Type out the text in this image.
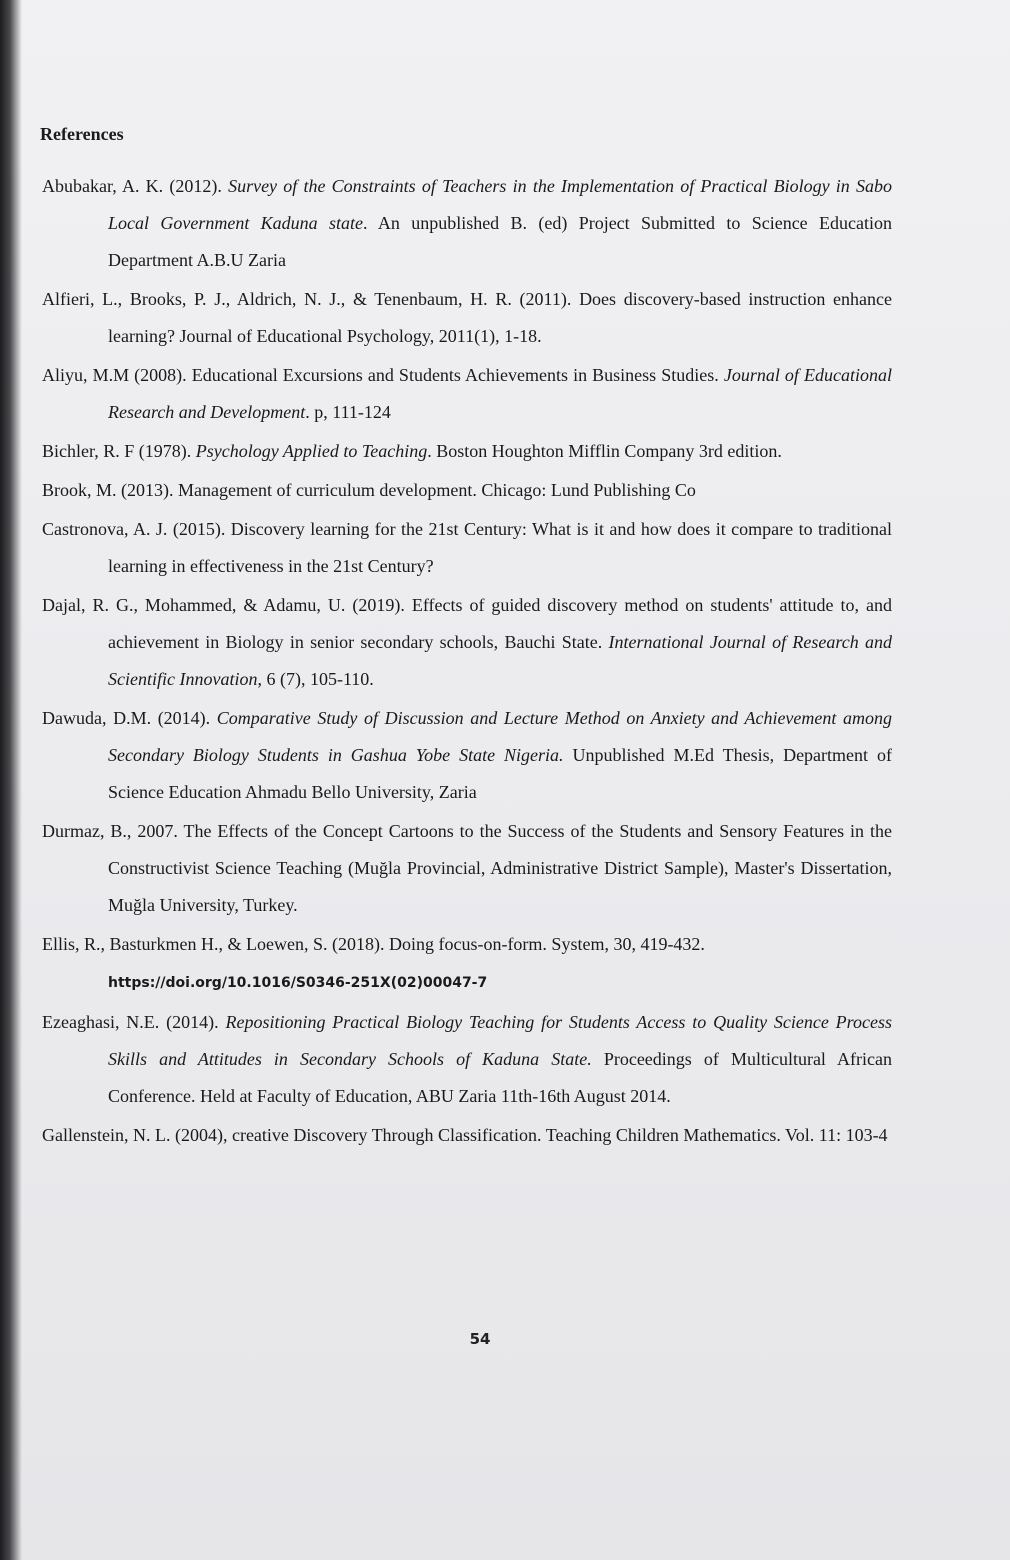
References
Abubakar, A. K. (2012). Survey of the Constraints of Teachers in the Implementation of Practical Biology in Sabo Local Government Kaduna state. An unpublished B. (ed) Project Submitted to Science Education Department A.B.U Zaria
Alfieri, L., Brooks, P. J., Aldrich, N. J., & Tenenbaum, H. R. (2011). Does discovery-based instruction enhance learning? Journal of Educational Psychology, 2011(1), 1-18.
Aliyu, M.M (2008). Educational Excursions and Students Achievements in Business Studies. Journal of Educational Research and Development. p, 111-124
Bichler, R. F (1978). Psychology Applied to Teaching. Boston Houghton Mifflin Company 3rd edition.
Brook, M. (2013). Management of curriculum development. Chicago: Lund Publishing Co
Castronova, A. J. (2015). Discovery learning for the 21st Century: What is it and how does it compare to traditional learning in effectiveness in the 21st Century?
Dajal, R. G., Mohammed, & Adamu, U. (2019). Effects of guided discovery method on students' attitude to, and achievement in Biology in senior secondary schools, Bauchi State. International Journal of Research and Scientific Innovation, 6 (7), 105-110.
Dawuda, D.M. (2014). Comparative Study of Discussion and Lecture Method on Anxiety and Achievement among Secondary Biology Students in Gashua Yobe State Nigeria. Unpublished M.Ed Thesis, Department of Science Education Ahmadu Bello University, Zaria
Durmaz, B., 2007. The Effects of the Concept Cartoons to the Success of the Students and Sensory Features in the Constructivist Science Teaching (Muğla Provincial, Administrative District Sample), Master's Dissertation, Muğla University, Turkey.
Ellis, R., Basturkmen H., & Loewen, S. (2018). Doing focus-on-form. System, 30, 419-432.
https://doi.org/10.1016/S0346-251X(02)00047-7
Ezeaghasi, N.E. (2014). Repositioning Practical Biology Teaching for Students Access to Quality Science Process Skills and Attitudes in Secondary Schools of Kaduna State. Proceedings of Multicultural African Conference. Held at Faculty of Education, ABU Zaria 11th-16th August 2014.
Gallenstein, N. L. (2004), creative Discovery Through Classification. Teaching Children Mathematics. Vol. 11: 103-4
54
